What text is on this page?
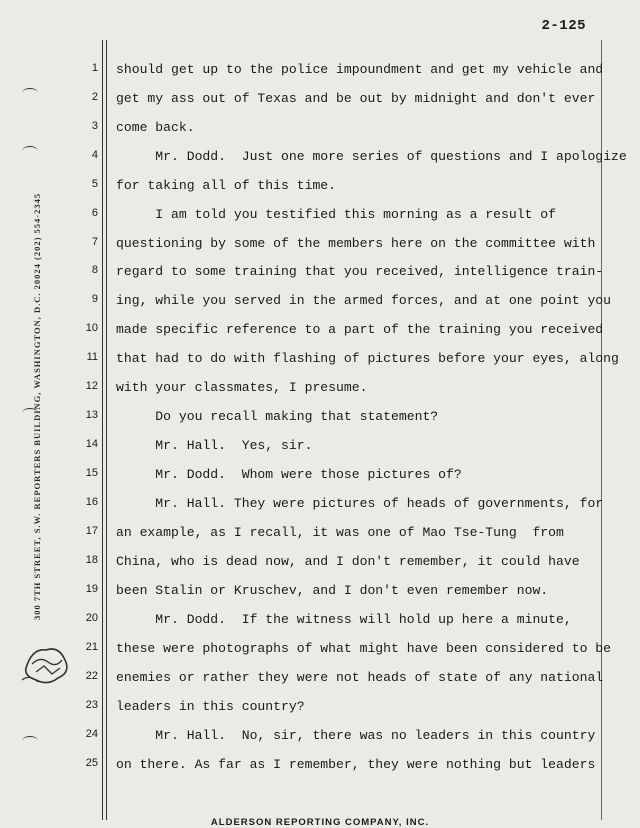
2-125
300 7TH STREET, S.W. REPORTERS BUILDING, WASHINGTON, D.C. 20024 (202) 554-2345
1 should get up to the police impoundment and get my vehicle and
2 get my ass out of Texas and be out by midnight and don't ever
3 come back.
4 Mr. Dodd.  Just one more series of questions and I apologize
5 for taking all of this time.
6 I am told you testified this morning as a result of
7 questioning by some of the members here on the committee with
8 regard to some training that you received, intelligence train-
9 ing, while you served in the armed forces, and at one point you
10 made specific reference to a part of the training you received
11 that had to do with flashing of pictures before your eyes, along
12 with your classmates, I presume.
13 Do you recall making that statement?
14 Mr. Hall.  Yes, sir.
15 Mr. Dodd.  Whom were those pictures of?
16 Mr. Hall. They were pictures of heads of governments, for
17 an example, as I recall, it was one of Mao Tse-Tung  from
18 China, who is dead now, and I don't remember, it could have
19 been Stalin or Kruschev, and I don't even remember now.
20 Mr. Dodd.  If the witness will hold up here a minute,
21 these were photographs of what might have been considered to be
22 enemies or rather they were not heads of state of any national
23 leaders in this country?
24 Mr. Hall.  No, sir, there was no leaders in this country
25 on there. As far as I remember, they were nothing but leaders
ALDERSON REPORTING COMPANY, INC.
